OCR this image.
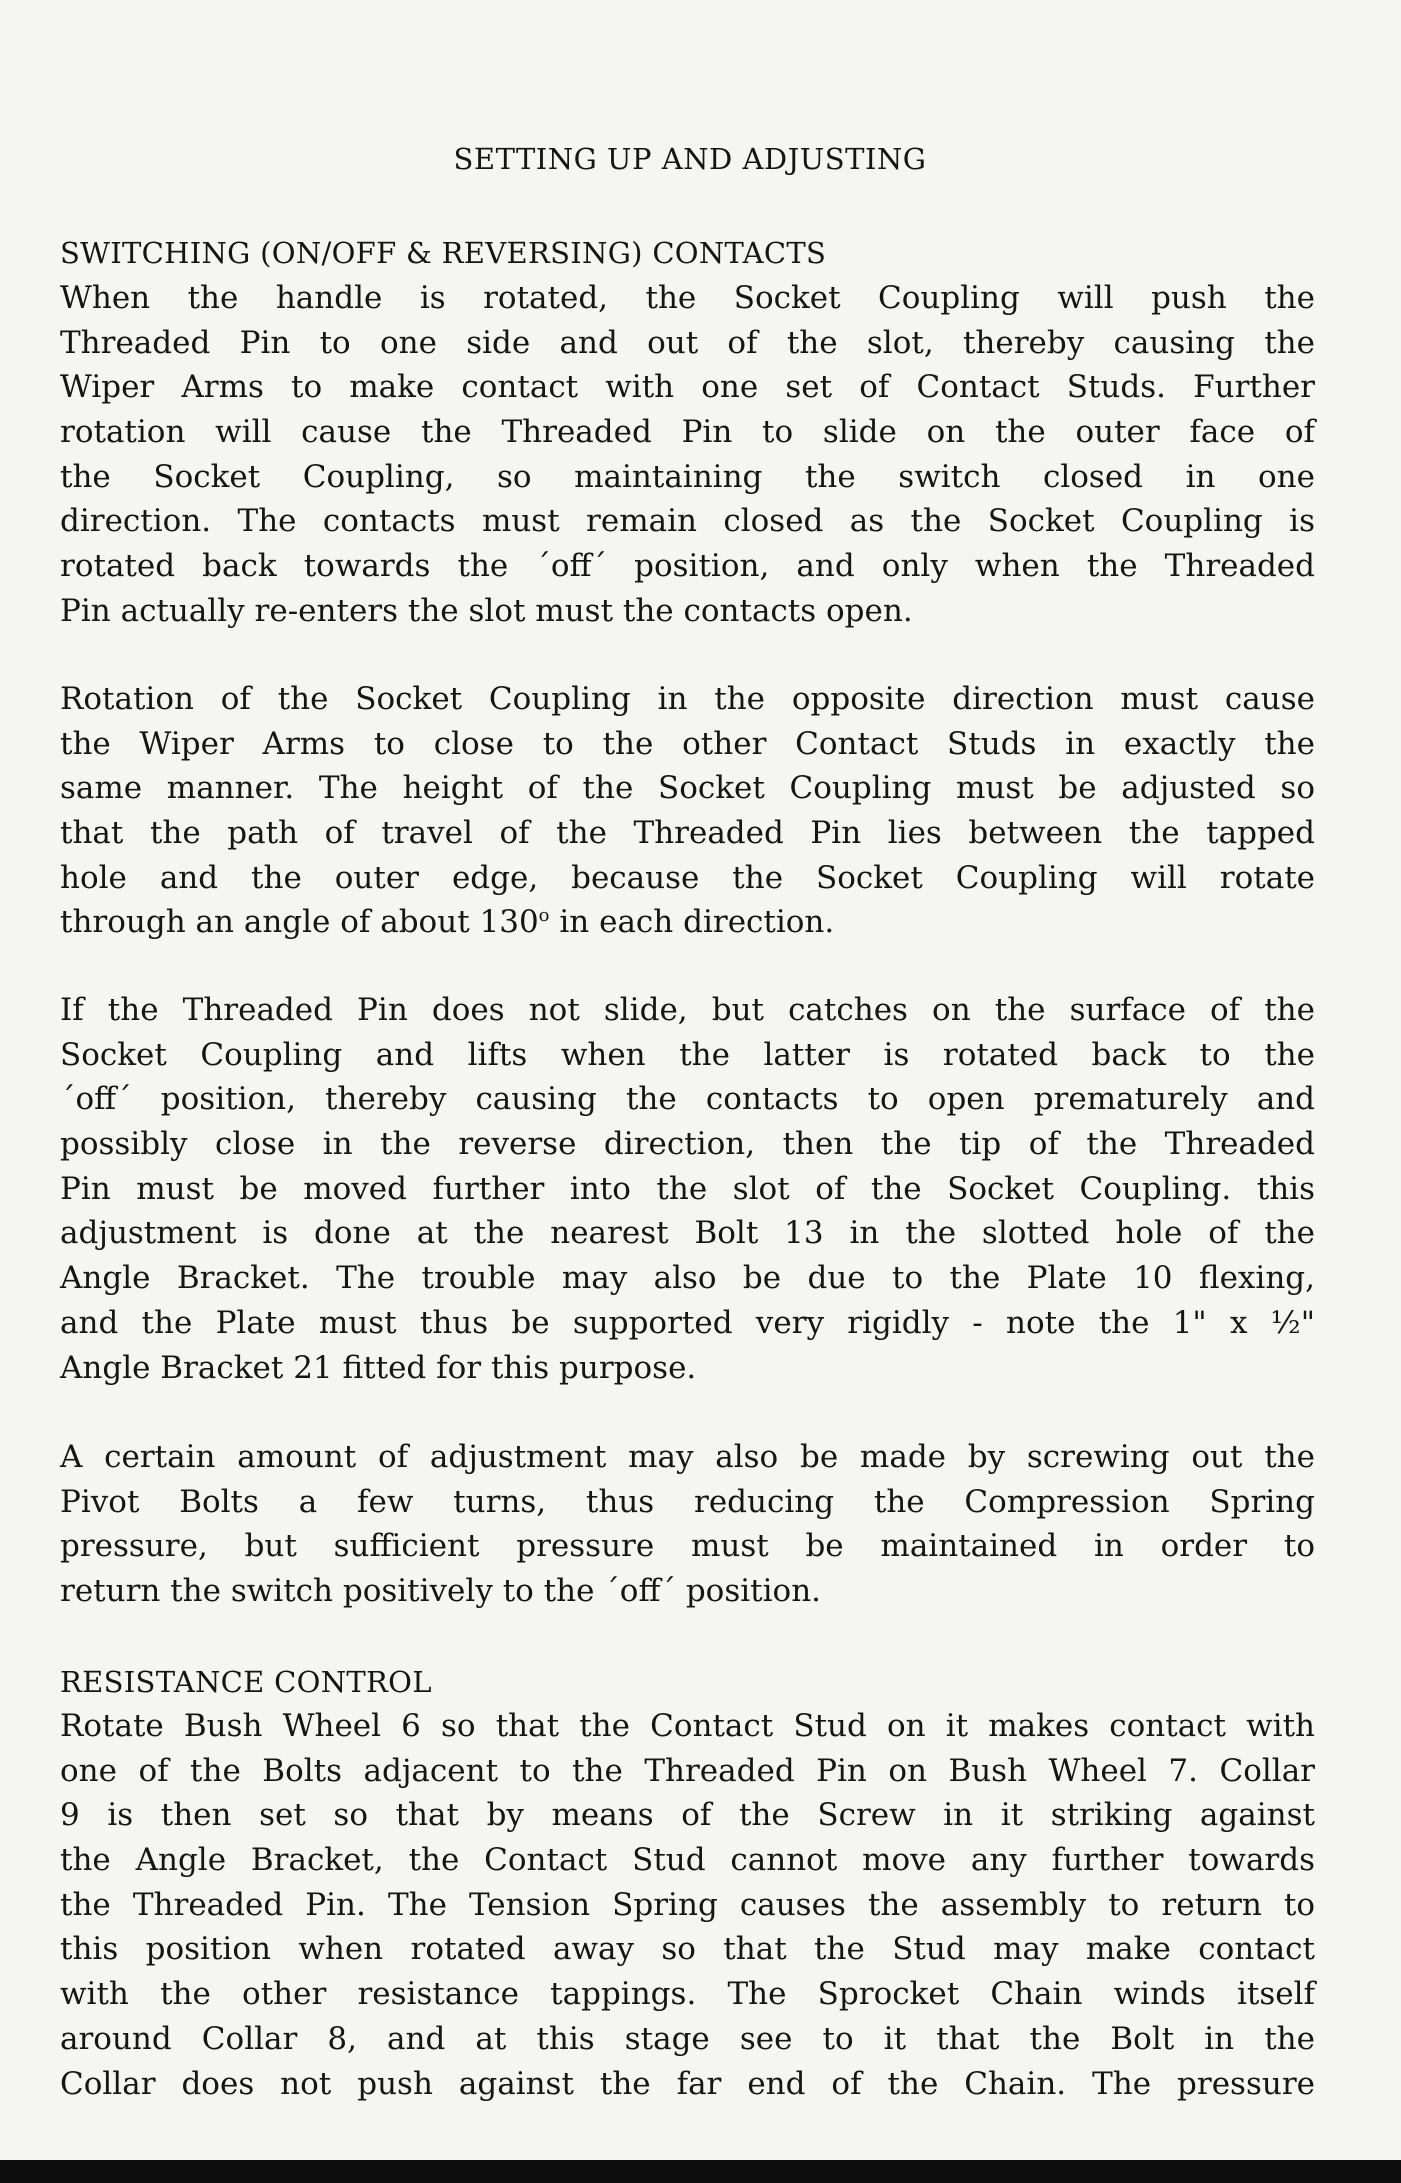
SETTING UP AND ADJUSTING
SWITCHING (ON/OFF & REVERSING) CONTACTS
When the handle is rotated, the Socket Coupling will push the
Threaded Pin to one side and out of the slot, thereby causing the
Wiper Arms to make contact with one set of Contact Studs. Further
rotation will cause the Threaded Pin to slide on the outer face of
the Socket Coupling, so maintaining the switch closed in one
direction. The contacts must remain closed as the Socket Coupling is
rotated back towards the ´off´ position, and only when the Threaded
Pin actually re-enters the slot must the contacts open.
Rotation of the Socket Coupling in the opposite direction must cause
the Wiper Arms to close to the other Contact Studs in exactly the
same manner. The height of the Socket Coupling must be adjusted so
that the path of travel of the Threaded Pin lies between the tapped
hole and the outer edge, because the Socket Coupling will rotate
through an angle of about 130$^o$ in each direction.
If the Threaded Pin does not slide, but catches on the surface of the
Socket Coupling and lifts when the latter is rotated back to the
´off´ position, thereby causing the contacts to open prematurely and
possibly close in the reverse direction, then the tip of the Threaded
Pin must be moved further into the slot of the Socket Coupling. this
adjustment is done at the nearest Bolt 13 in the slotted hole of the
Angle Bracket. The trouble may also be due to the Plate 10 flexing,
and the Plate must thus be supported very rigidly - note the 1" x ½"
Angle Bracket 21 fitted for this purpose.
A certain amount of adjustment may also be made by screwing out the
Pivot Bolts a few turns, thus reducing the Compression Spring
pressure, but sufficient pressure must be maintained in order to
return the switch positively to the ´off´ position.
RESISTANCE CONTROL
Rotate Bush Wheel 6 so that the Contact Stud on it makes contact with
one of the Bolts adjacent to the Threaded Pin on Bush Wheel 7. Collar
9 is then set so that by means of the Screw in it striking against
the Angle Bracket, the Contact Stud cannot move any further towards
the Threaded Pin. The Tension Spring causes the assembly to return to
this position when rotated away so that the Stud may make contact
with the other resistance tappings. The Sprocket Chain winds itself
around Collar 8, and at this stage see to it that the Bolt in the
Collar does not push against the far end of the Chain. The pressure
